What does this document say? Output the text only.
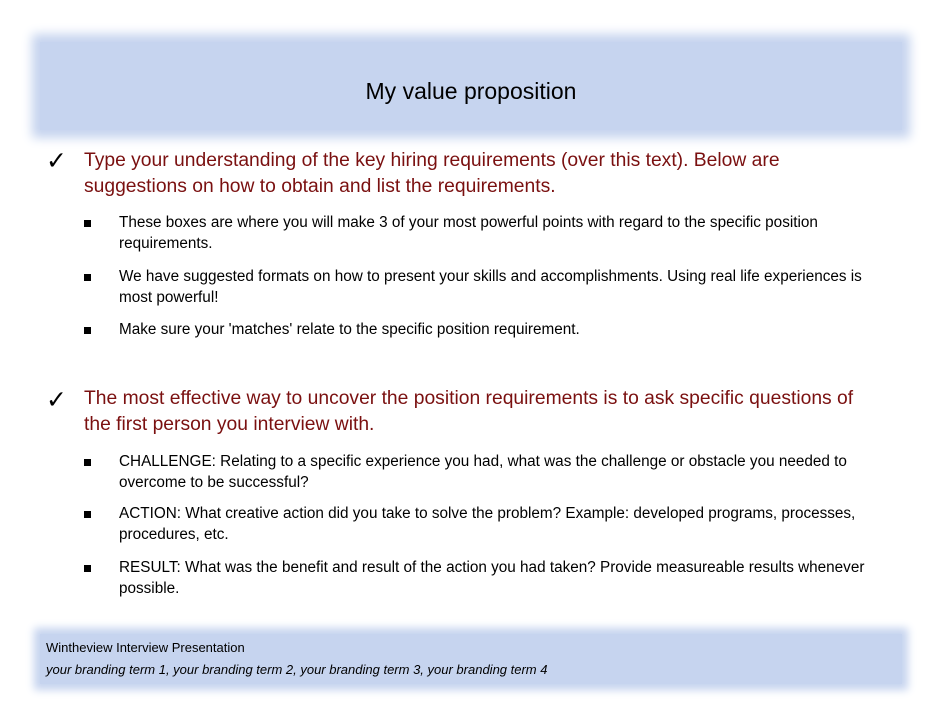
My value proposition
✓ Type your understanding of the key hiring requirements (over this text). Below are suggestions on how to obtain and list the requirements.
These boxes are where you will make 3 of your most powerful points with regard to the specific position requirements.
We have suggested formats on how to present your skills and accomplishments. Using real life experiences is most powerful!
Make sure your 'matches' relate to the specific position requirement.
✓ The most effective way to uncover the position requirements is to ask specific questions of the first person you interview with.
CHALLENGE: Relating to a specific experience you had, what was the challenge or obstacle you needed to overcome to be successful?
ACTION: What creative action did you take to solve the problem? Example: developed programs, processes, procedures, etc.
RESULT: What was the benefit and result of the action you had taken? Provide measureable results whenever possible.
Wintheview Interview Presentation
your branding term 1, your branding term 2, your branding term 3, your branding term 4
